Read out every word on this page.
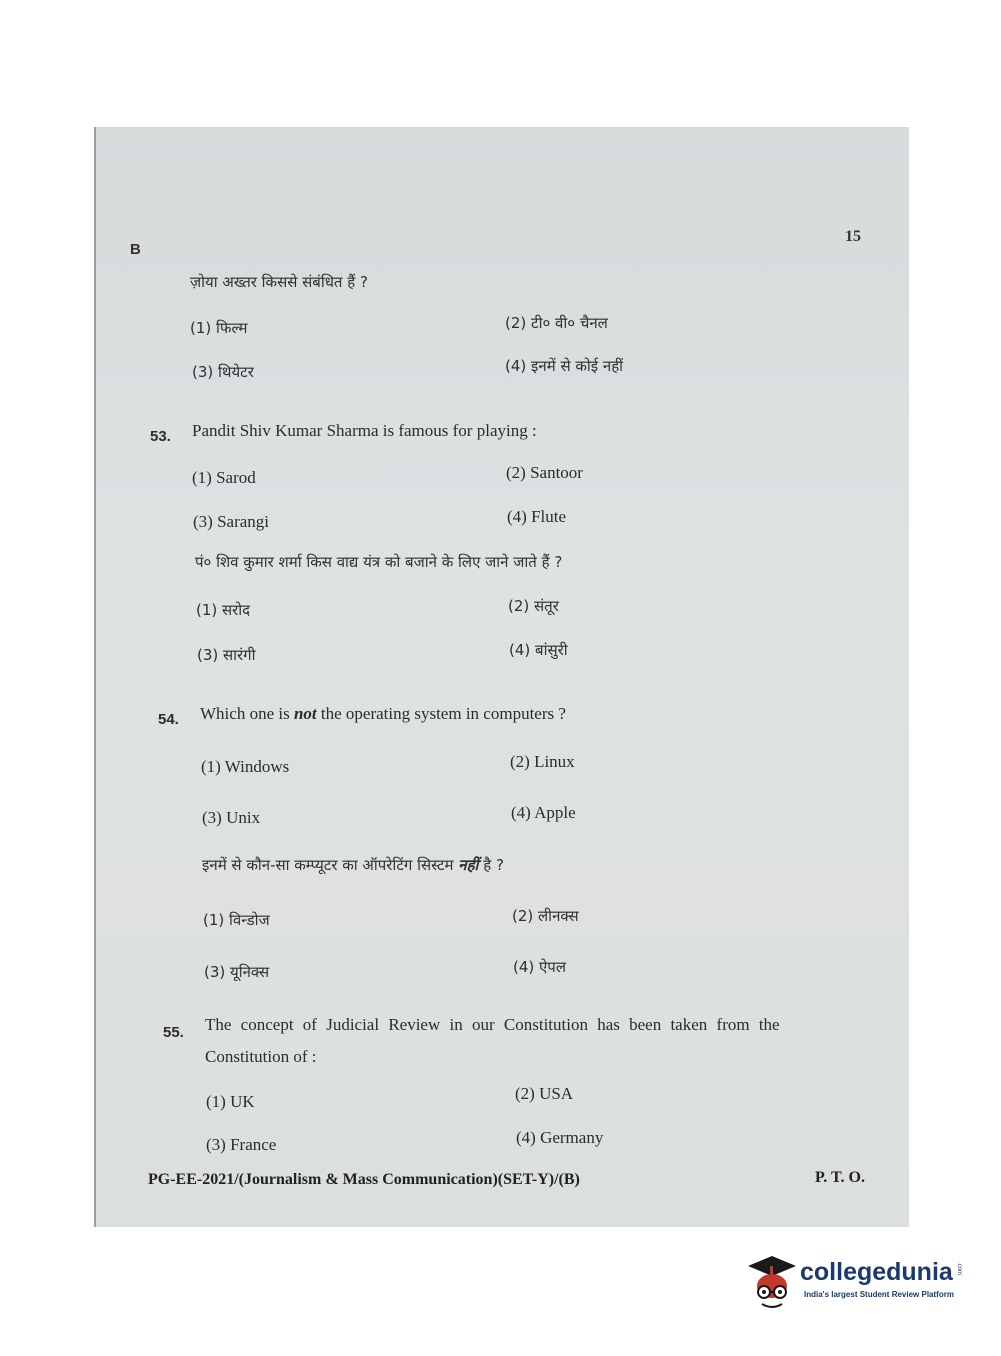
B
15
ज़ोया अख्तर किससे संबंधित हैं ?
(1) फिल्म	(2) टी० वी० चैनल
(3) थियेटर	(4) इनमें से कोई नहीं
53. Pandit Shiv Kumar Sharma is famous for playing :
(1) Sarod	(2) Santoor
(3) Sarangi	(4) Flute
पं० शिव कुमार शर्मा किस वाद्य यंत्र को बजाने के लिए जाने जाते हैं ?
(1) सरोद	(2) संतूर
(3) सारंगी	(4) बांसुरी
54. Which one is not the operating system in computers ?
(1) Windows	(2) Linux
(3) Unix	(4) Apple
इनमें से कौन-सा कम्प्यूटर का ऑपरेटिंग सिस्टम नहीं है ?
(1) विन्डोज	(2) लीनक्स
(3) यूनिक्स	(4) ऐपल
55. The concept of Judicial Review in our Constitution has been taken from the
Constitution of :
(1) UK	(2) USA
(3) France	(4) Germany
PG-EE-2021/(Journalism & Mass Communication)(SET-Y)/(B)	P. T. O.
collegedunia
India's largest Student Review Platform
.com
